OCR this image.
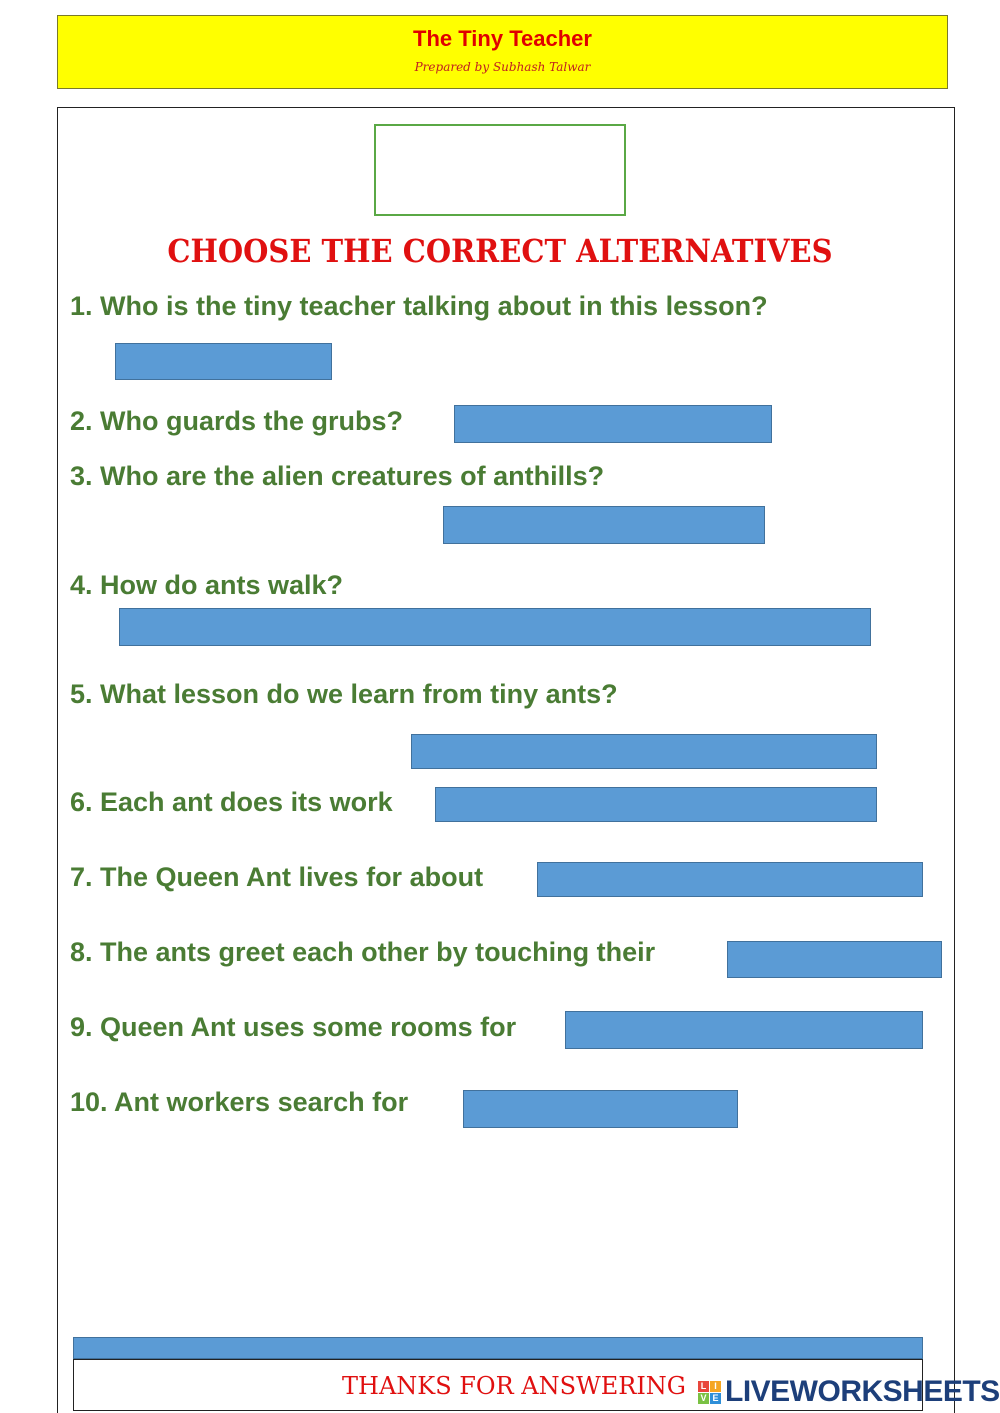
The Tiny Teacher
Prepared by Subhash Talwar
CHOOSE THE CORRECT ALTERNATIVES
1. Who is the tiny teacher talking about in this lesson?
2. Who guards the grubs?
3. Who are the alien creatures of anthills?
4. How do ants walk?
5. What lesson do we learn from tiny ants?
6. Each ant does its work
7. The Queen Ant lives for about
8. The ants greet each other by touching their
9. Queen Ant uses some rooms for
10. Ant workers search for
THANKS FOR ANSWERING	L I
V E LIVEWORKSHEETS
